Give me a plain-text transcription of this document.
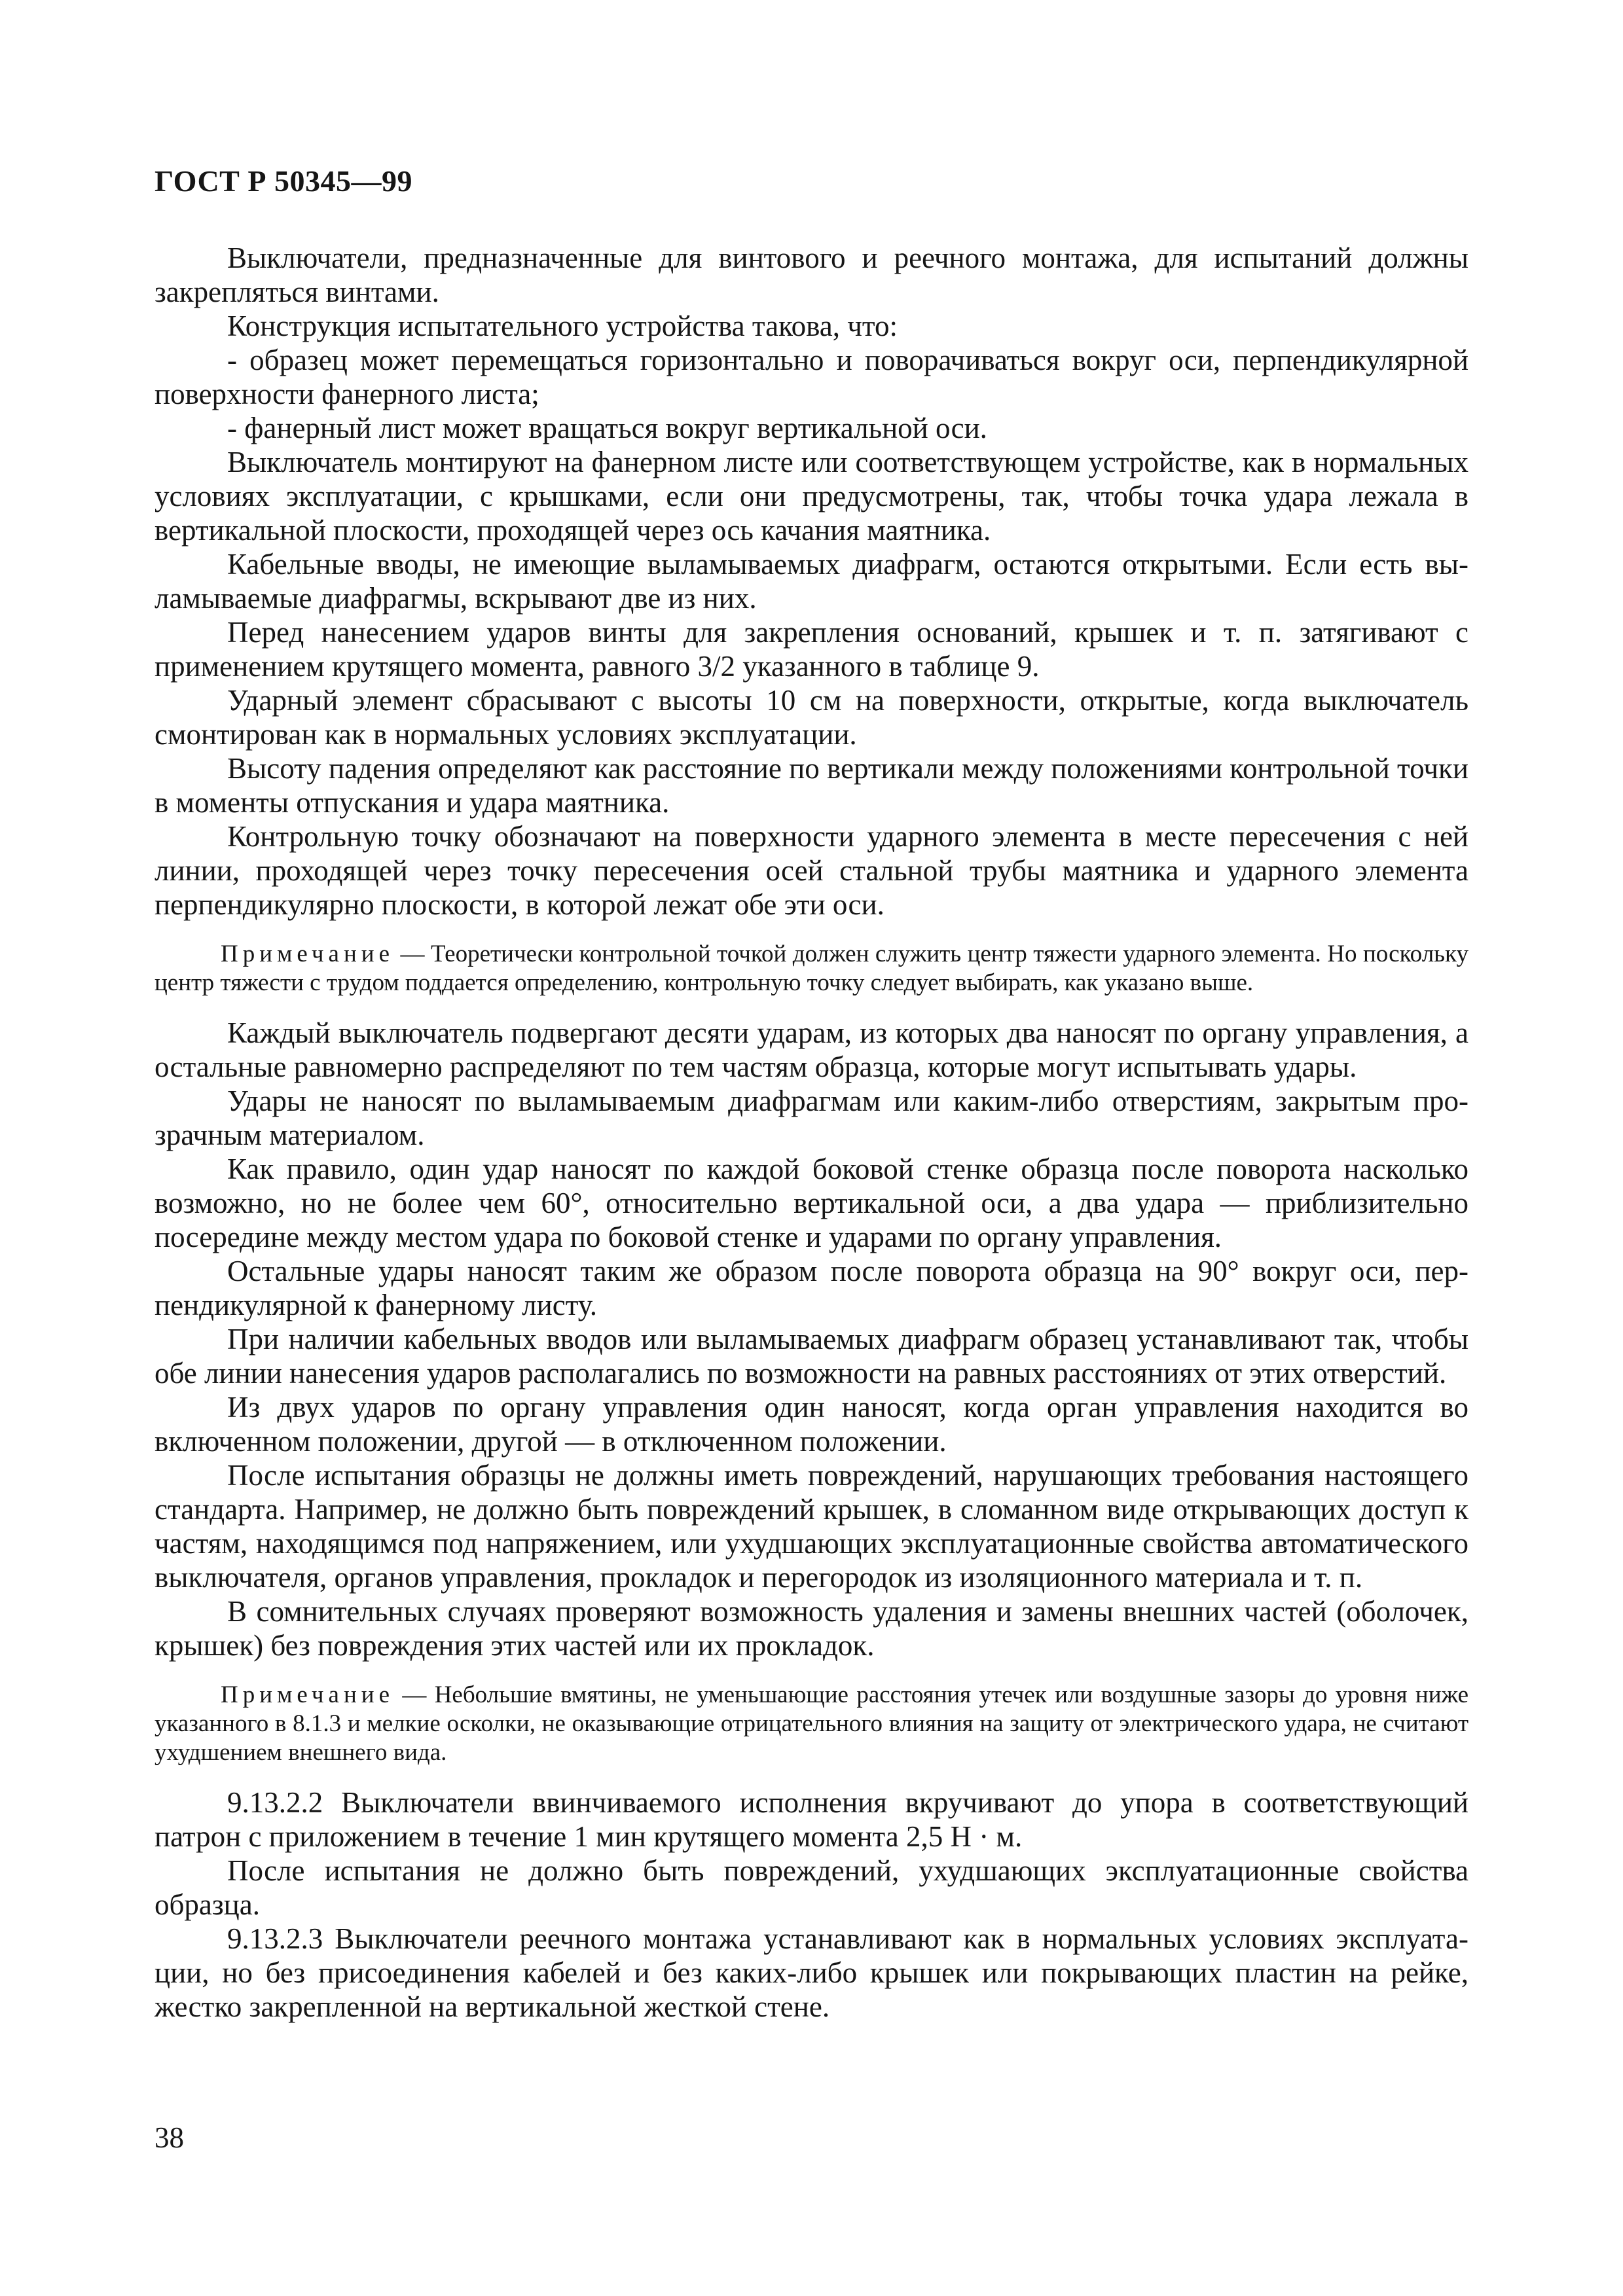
ГОСТ Р 50345—99

Выключатели, предназначенные для винтового и реечного монтажа, для испытаний должны закрепляться винтами.

Конструкция испытательного устройства такова, что:

- образец может перемещаться горизонтально и поворачиваться вокруг оси, перпендикулярной поверхности фанерного листа;

- фанерный лист может вращаться вокруг вертикальной оси.

Выключатель монтируют на фанерном листе или соответствующем устройстве, как в нормальных условиях эксплуатации, с крышками, если они предусмотрены, так, чтобы точка удара лежала в вертикальной плоскости, проходящей через ось качания маятника.

Кабельные вводы, не имеющие выламываемых диафрагм, остаются открытыми. Если есть выламываемые диафрагмы, вскрывают две из них.

Перед нанесением ударов винты для закрепления оснований, крышек и т. п. затягивают с применением крутящего момента, равного 3/2 указанного в таблице 9.

Ударный элемент сбрасывают с высоты 10 см на поверхности, открытые, когда выключатель смонтирован как в нормальных условиях эксплуатации.

Высоту падения определяют как расстояние по вертикали между положениями контрольной точки в моменты отпускания и удара маятника.

Контрольную точку обозначают на поверхности ударного элемента в месте пересечения с ней линии, проходящей через точку пересечения осей стальной трубы маятника и ударного элемента перпендикулярно плоскости, в которой лежат обе эти оси.

Примечание — Теоретически контрольной точкой должен служить центр тяжести ударного элемента. Но поскольку центр тяжести с трудом поддается определению, контрольную точку следует выбирать, как указано выше.

Каждый выключатель подвергают десяти ударам, из которых два наносят по органу управления, а остальные равномерно распределяют по тем частям образца, которые могут испытывать удары.

Удары не наносят по выламываемым диафрагмам или каким-либо отверстиям, закрытым прозрачным материалом.

Как правило, один удар наносят по каждой боковой стенке образца после поворота насколько возможно, но не более чем 60°, относительно вертикальной оси, а два удара — приблизительно посередине между местом удара по боковой стенке и ударами по органу управления.

Остальные удары наносят таким же образом после поворота образца на 90° вокруг оси, перпендикулярной к фанерному листу.

При наличии кабельных вводов или выламываемых диафрагм образец устанавливают так, чтобы обе линии нанесения ударов располагались по возможности на равных расстояниях от этих отверстий.

Из двух ударов по органу управления один наносят, когда орган управления находится во включенном положении, другой — в отключенном положении.

После испытания образцы не должны иметь повреждений, нарушающих требования настоящего стандарта. Например, не должно быть повреждений крышек, в сломанном виде открывающих доступ к частям, находящимся под напряжением, или ухудшающих эксплуатационные свойства автоматического выключателя, органов управления, прокладок и перегородок из изоляционного материала и т. п.

В сомнительных случаях проверяют возможность удаления и замены внешних частей (оболочек, крышек) без повреждения этих частей или их прокладок.

Примечание — Небольшие вмятины, не уменьшающие расстояния утечек или воздушные зазоры до уровня ниже указанного в 8.1.3 и мелкие осколки, не оказывающие отрицательного влияния на защиту от электрического удара, не считают ухудшением внешнего вида.

9.13.2.2 Выключатели ввинчиваемого исполнения вкручивают до упора в соответствующий патрон с приложением в течение 1 мин крутящего момента 2,5 Н · м.

После испытания не должно быть повреждений, ухудшающих эксплуатационные свойства образца.

9.13.2.3 Выключатели реечного монтажа устанавливают как в нормальных условиях эксплуатации, но без присоединения кабелей и без каких-либо крышек или покрывающих пластин на рейке, жестко закрепленной на вертикальной жесткой стене.

38
